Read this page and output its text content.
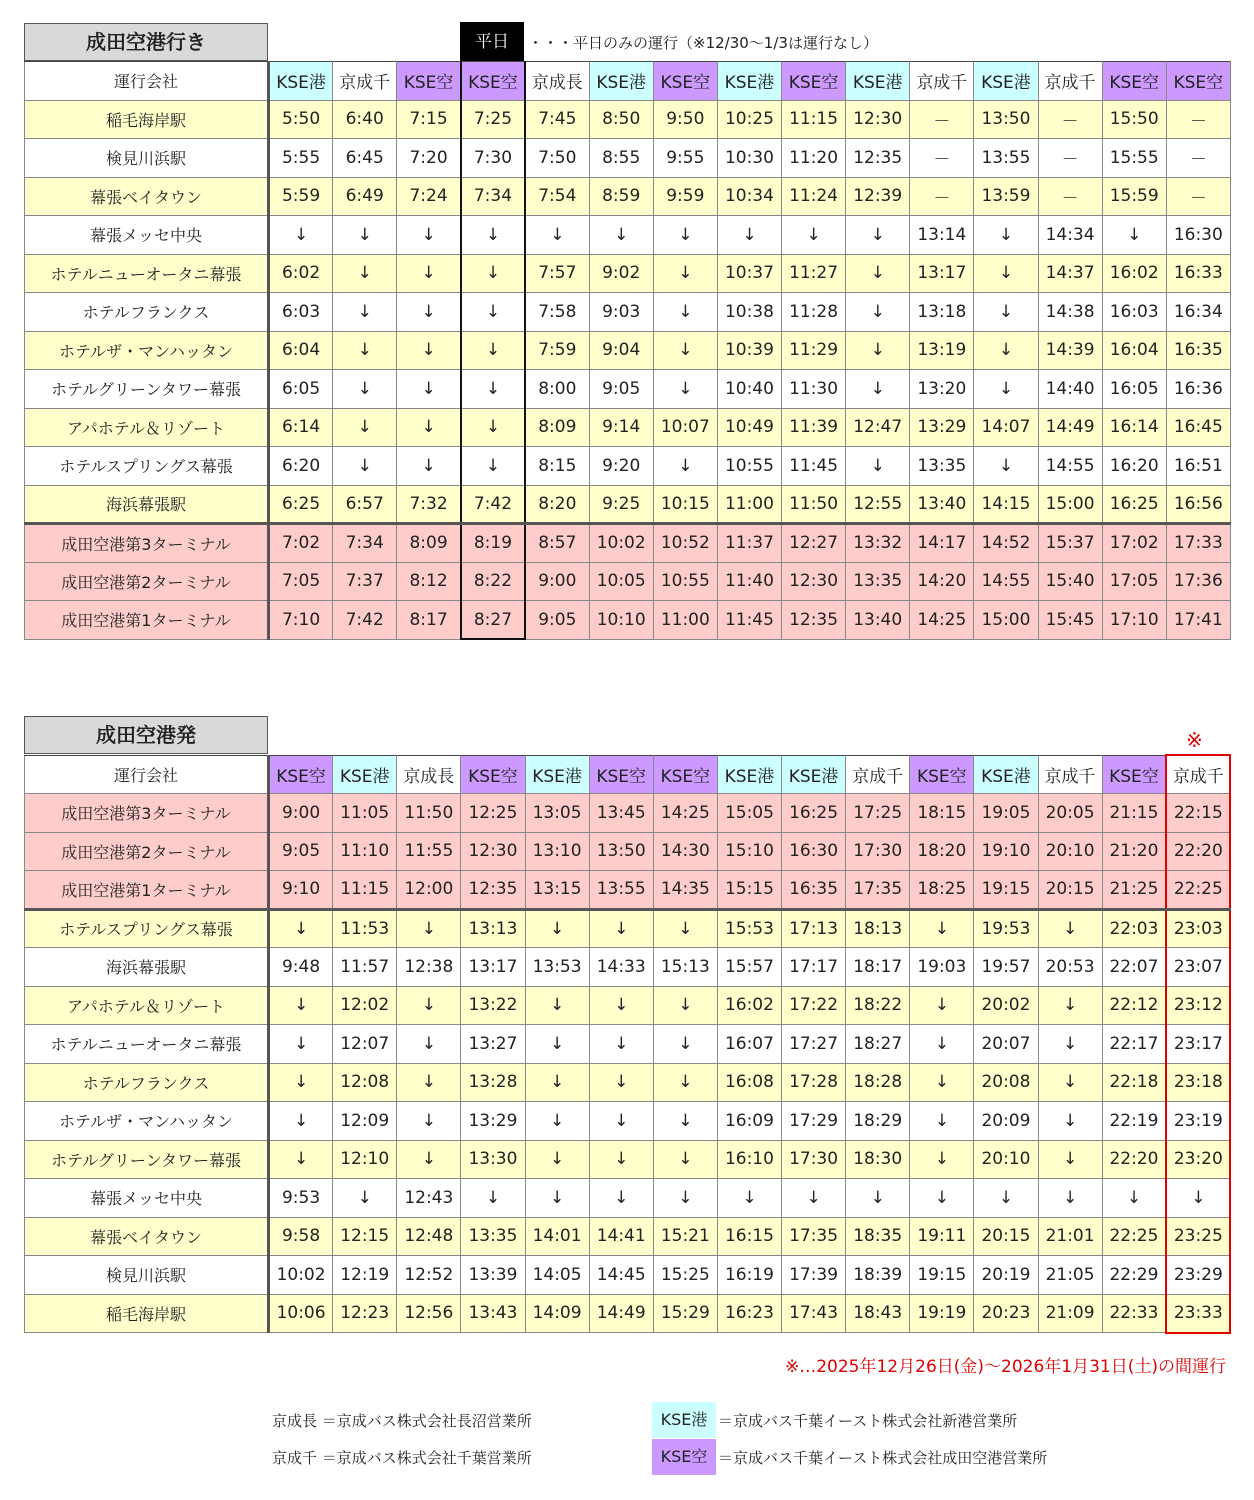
成田空港行き	平日	・・・平日のみの運行（※12/30～1/3は運行なし）
運行会社	KSE港	京成千	KSE空	KSE空	京成長	KSE港	KSE空	KSE港	KSE空	KSE港	京成千	KSE港	京成千	KSE空	KSE空
稲毛海岸駅	5:50	6:40	7:15	7:25	7:45	8:50	9:50	10:25	11:15	12:30	－	13:50	－	15:50	－
検見川浜駅	5:55	6:45	7:20	7:30	7:50	8:55	9:55	10:30	11:20	12:35	－	13:55	－	15:55	－
幕張ベイタウン	5:59	6:49	7:24	7:34	7:54	8:59	9:59	10:34	11:24	12:39	－	13:59	－	15:59	－
幕張メッセ中央	↓	↓	↓	↓	↓	↓	↓	↓	↓	↓	13:14	↓	14:34	↓	16:30
ホテルニューオータニ幕張	6:02	↓	↓	↓	7:57	9:02	↓	10:37	11:27	↓	13:17	↓	14:37	16:02	16:33
ホテルフランクス	6:03	↓	↓	↓	7:58	9:03	↓	10:38	11:28	↓	13:18	↓	14:38	16:03	16:34
ホテルザ・マンハッタン	6:04	↓	↓	↓	7:59	9:04	↓	10:39	11:29	↓	13:19	↓	14:39	16:04	16:35
ホテルグリーンタワー幕張	6:05	↓	↓	↓	8:00	9:05	↓	10:40	11:30	↓	13:20	↓	14:40	16:05	16:36
アパホテル＆リゾート	6:14	↓	↓	↓	8:09	9:14	10:07	10:49	11:39	12:47	13:29	14:07	14:49	16:14	16:45
ホテルスプリングス幕張	6:20	↓	↓	↓	8:15	9:20	↓	10:55	11:45	↓	13:35	↓	14:55	16:20	16:51
海浜幕張駅	6:25	6:57	7:32	7:42	8:20	9:25	10:15	11:00	11:50	12:55	13:40	14:15	15:00	16:25	16:56
成田空港第3ターミナル	7:02	7:34	8:09	8:19	8:57	10:02	10:52	11:37	12:27	13:32	14:17	14:52	15:37	17:02	17:33
成田空港第2ターミナル	7:05	7:37	8:12	8:22	9:00	10:05	10:55	11:40	12:30	13:35	14:20	14:55	15:40	17:05	17:36
成田空港第1ターミナル	7:10	7:42	8:17	8:27	9:05	10:10	11:00	11:45	12:35	13:40	14:25	15:00	15:45	17:10	17:41
成田空港発	※
運行会社	KSE空	KSE港	京成長	KSE空	KSE港	KSE空	KSE空	KSE港	KSE港	京成千	KSE空	KSE港	京成千	KSE空	京成千
成田空港第3ターミナル	9:00	11:05	11:50	12:25	13:05	13:45	14:25	15:05	16:25	17:25	18:15	19:05	20:05	21:15	22:15
成田空港第2ターミナル	9:05	11:10	11:55	12:30	13:10	13:50	14:30	15:10	16:30	17:30	18:20	19:10	20:10	21:20	22:20
成田空港第1ターミナル	9:10	11:15	12:00	12:35	13:15	13:55	14:35	15:15	16:35	17:35	18:25	19:15	20:15	21:25	22:25
ホテルスプリングス幕張	↓	11:53	↓	13:13	↓	↓	↓	15:53	17:13	18:13	↓	19:53	↓	22:03	23:03
海浜幕張駅	9:48	11:57	12:38	13:17	13:53	14:33	15:13	15:57	17:17	18:17	19:03	19:57	20:53	22:07	23:07
アパホテル＆リゾート	↓	12:02	↓	13:22	↓	↓	↓	16:02	17:22	18:22	↓	20:02	↓	22:12	23:12
ホテルニューオータニ幕張	↓	12:07	↓	13:27	↓	↓	↓	16:07	17:27	18:27	↓	20:07	↓	22:17	23:17
ホテルフランクス	↓	12:08	↓	13:28	↓	↓	↓	16:08	17:28	18:28	↓	20:08	↓	22:18	23:18
ホテルザ・マンハッタン	↓	12:09	↓	13:29	↓	↓	↓	16:09	17:29	18:29	↓	20:09	↓	22:19	23:19
ホテルグリーンタワー幕張	↓	12:10	↓	13:30	↓	↓	↓	16:10	17:30	18:30	↓	20:10	↓	22:20	23:20
幕張メッセ中央	9:53	↓	12:43	↓	↓	↓	↓	↓	↓	↓	↓	↓	↓	↓	↓
幕張ベイタウン	9:58	12:15	12:48	13:35	14:01	14:41	15:21	16:15	17:35	18:35	19:11	20:15	21:01	22:25	23:25
検見川浜駅	10:02	12:19	12:52	13:39	14:05	14:45	15:25	16:19	17:39	18:39	19:15	20:19	21:05	22:29	23:29
稲毛海岸駅	10:06	12:23	12:56	13:43	14:09	14:49	15:29	16:23	17:43	18:43	19:19	20:23	21:09	22:33	23:33
※…2025年12月26日(金)～2026年1月31日(土)の間運行
京成長 ＝京成バス株式会社長沼営業所
京成千 ＝京成バス株式会社千葉営業所
KSE港 ＝京成バス千葉イースト株式会社新港営業所
KSE空 ＝京成バス千葉イースト株式会社成田空港営業所
